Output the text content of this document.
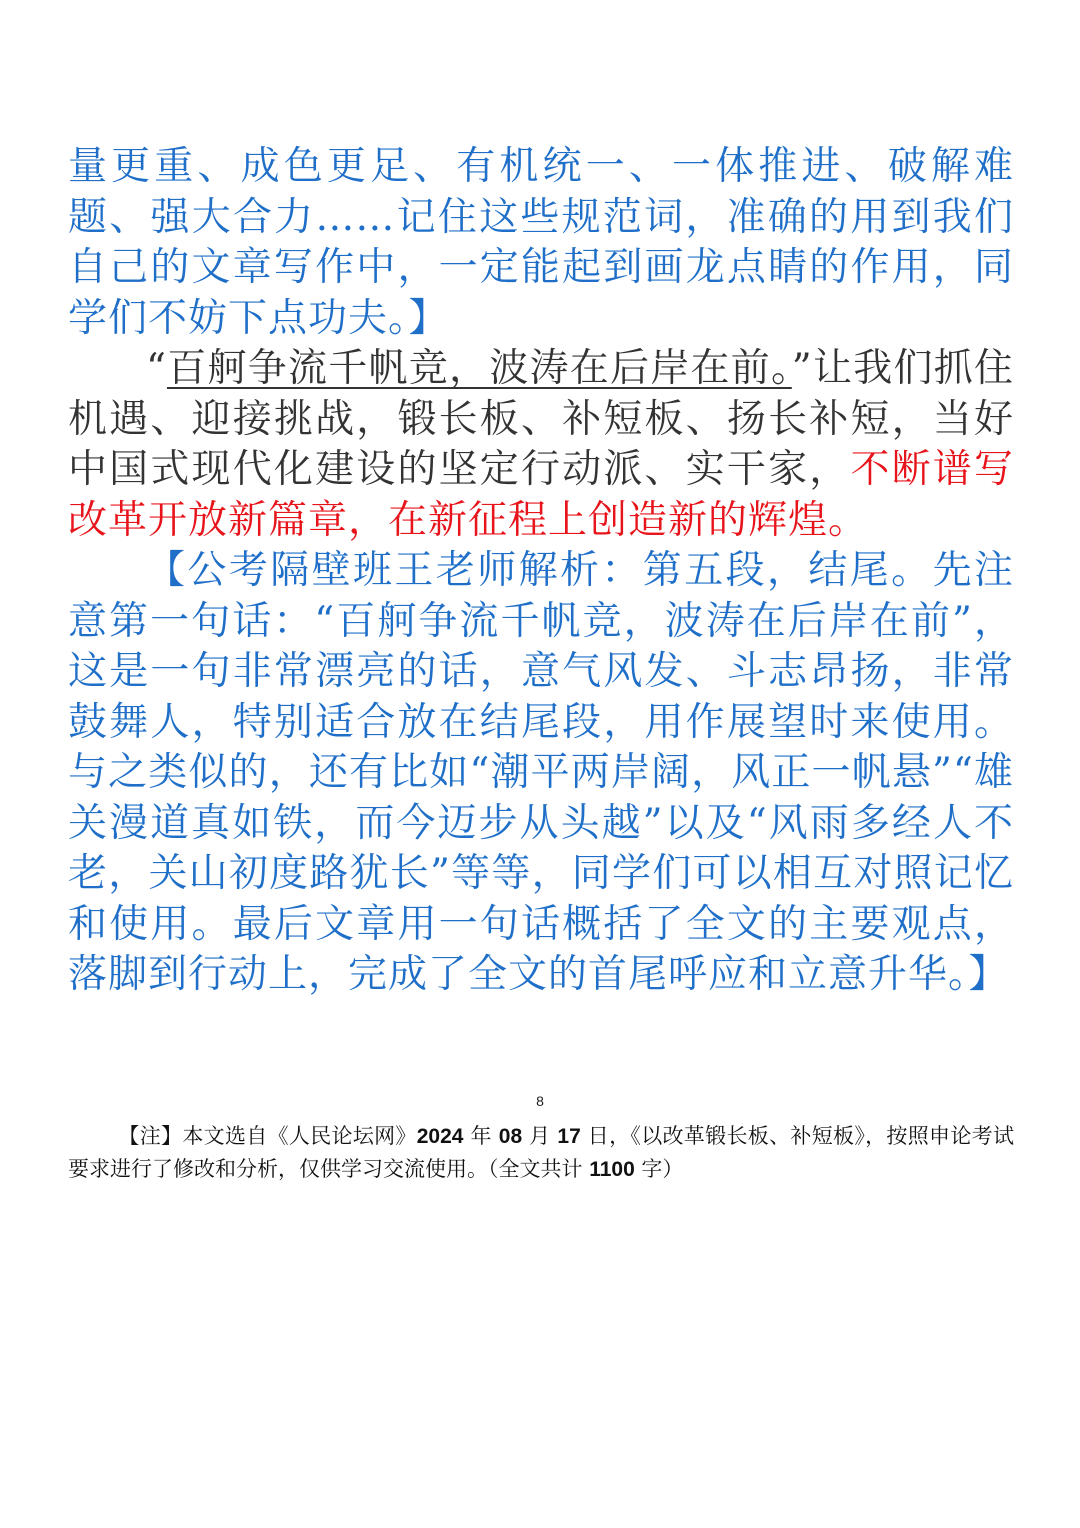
量更重、成色更足、有机统一、一体推进、破解难题、强大合力……记住这些规范词，准确的用到我们自己的文章写作中，一定能起到画龙点睛的作用，同学们不妨下点功夫。】

“百舸争流千帆竞，波涛在后岸在前。”让我们抓住机遇、迎接挑战，锻长板、补短板、扬长补短，当好中国式现代化建设的坚定行动派、实干家，不断谱写改革开放新篇章，在新征程上创造新的辉煌。

【公考隔壁班王老师解析：第五段，结尾。先注意第一句话：“百舸争流千帆竞，波涛在后岸在前”，这是一句非常漂亮的话，意气风发、斗志昂扬，非常鼓舞人，特别适合放在结尾段，用作展望时来使用。与之类似的，还有比如“潮平两岸阔，风正一帆悬”“雄关漫道真如铁，而今迈步从头越”以及“风雨多经人不老，关山初度路犹长”等等，同学们可以相互对照记忆和使用。最后文章用一句话概括了全文的主要观点，落脚到行动上，完成了全文的首尾呼应和立意升华。】

8

【注】本文选自《人民论坛网》2024 年 08 月 17 日，《以改革锻长板、补短板》，按照申论考试要求进行了修改和分析，仅供学习交流使用。（全文共计 1100 字）
